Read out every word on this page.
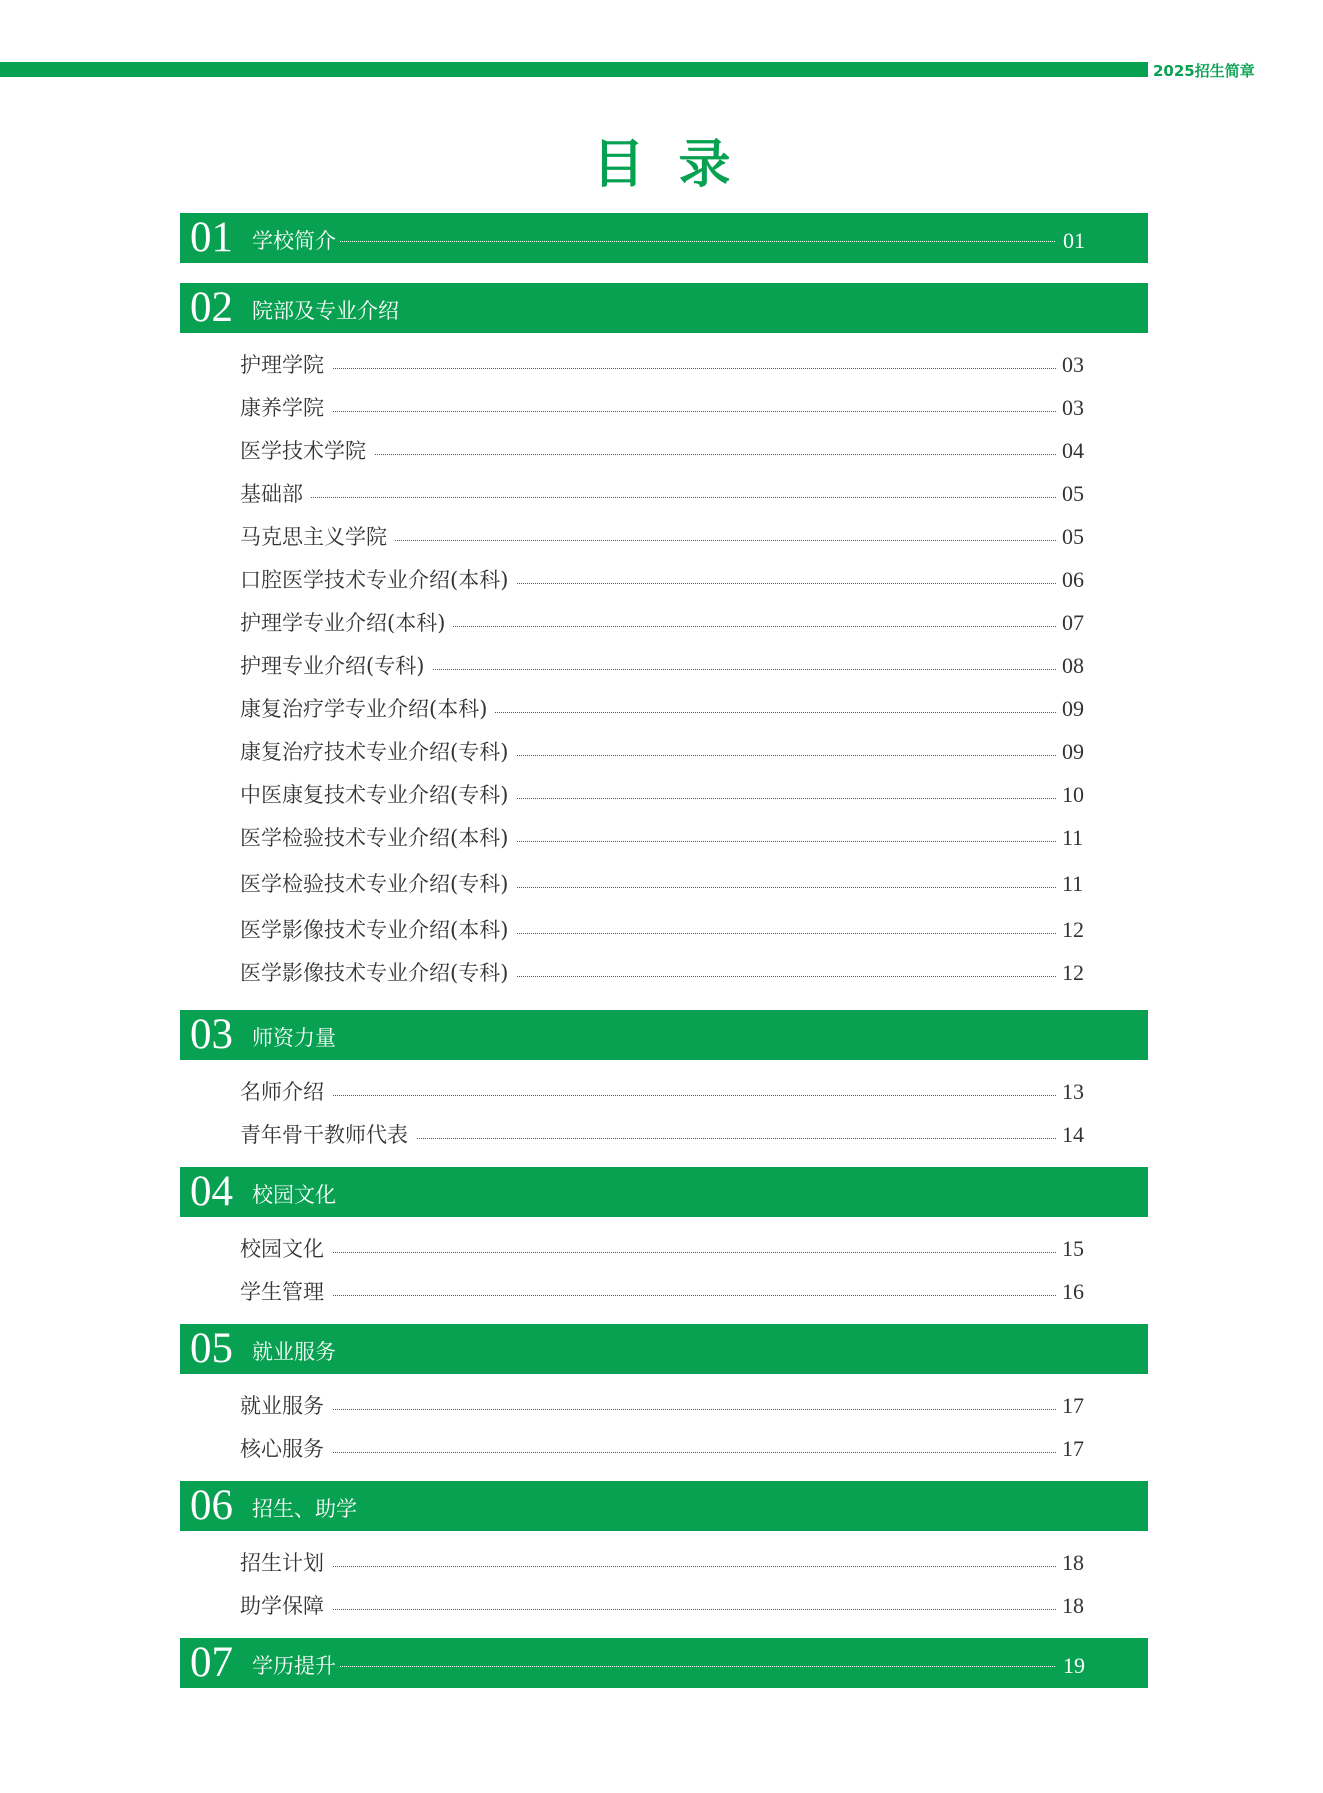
2025招生简章
目录
01 学校简介	01
02 院部及专业介绍
护理学院	03
康养学院	03
医学技术学院	04
基础部	05
马克思主义学院	05
口腔医学技术专业介绍(本科)	06
护理学专业介绍(本科)	07
护理专业介绍(专科)	08
康复治疗学专业介绍(本科)	09
康复治疗技术专业介绍(专科)	09
中医康复技术专业介绍(专科)	10
医学检验技术专业介绍(本科)	11
医学检验技术专业介绍(专科)	11
医学影像技术专业介绍(本科)	12
医学影像技术专业介绍(专科)	12
03 师资力量
名师介绍	13
青年骨干教师代表	14
04 校园文化
校园文化	15
学生管理	16
05 就业服务
就业服务	17
核心服务	17
06 招生、助学
招生计划	18
助学保障	18
07 学历提升	19
